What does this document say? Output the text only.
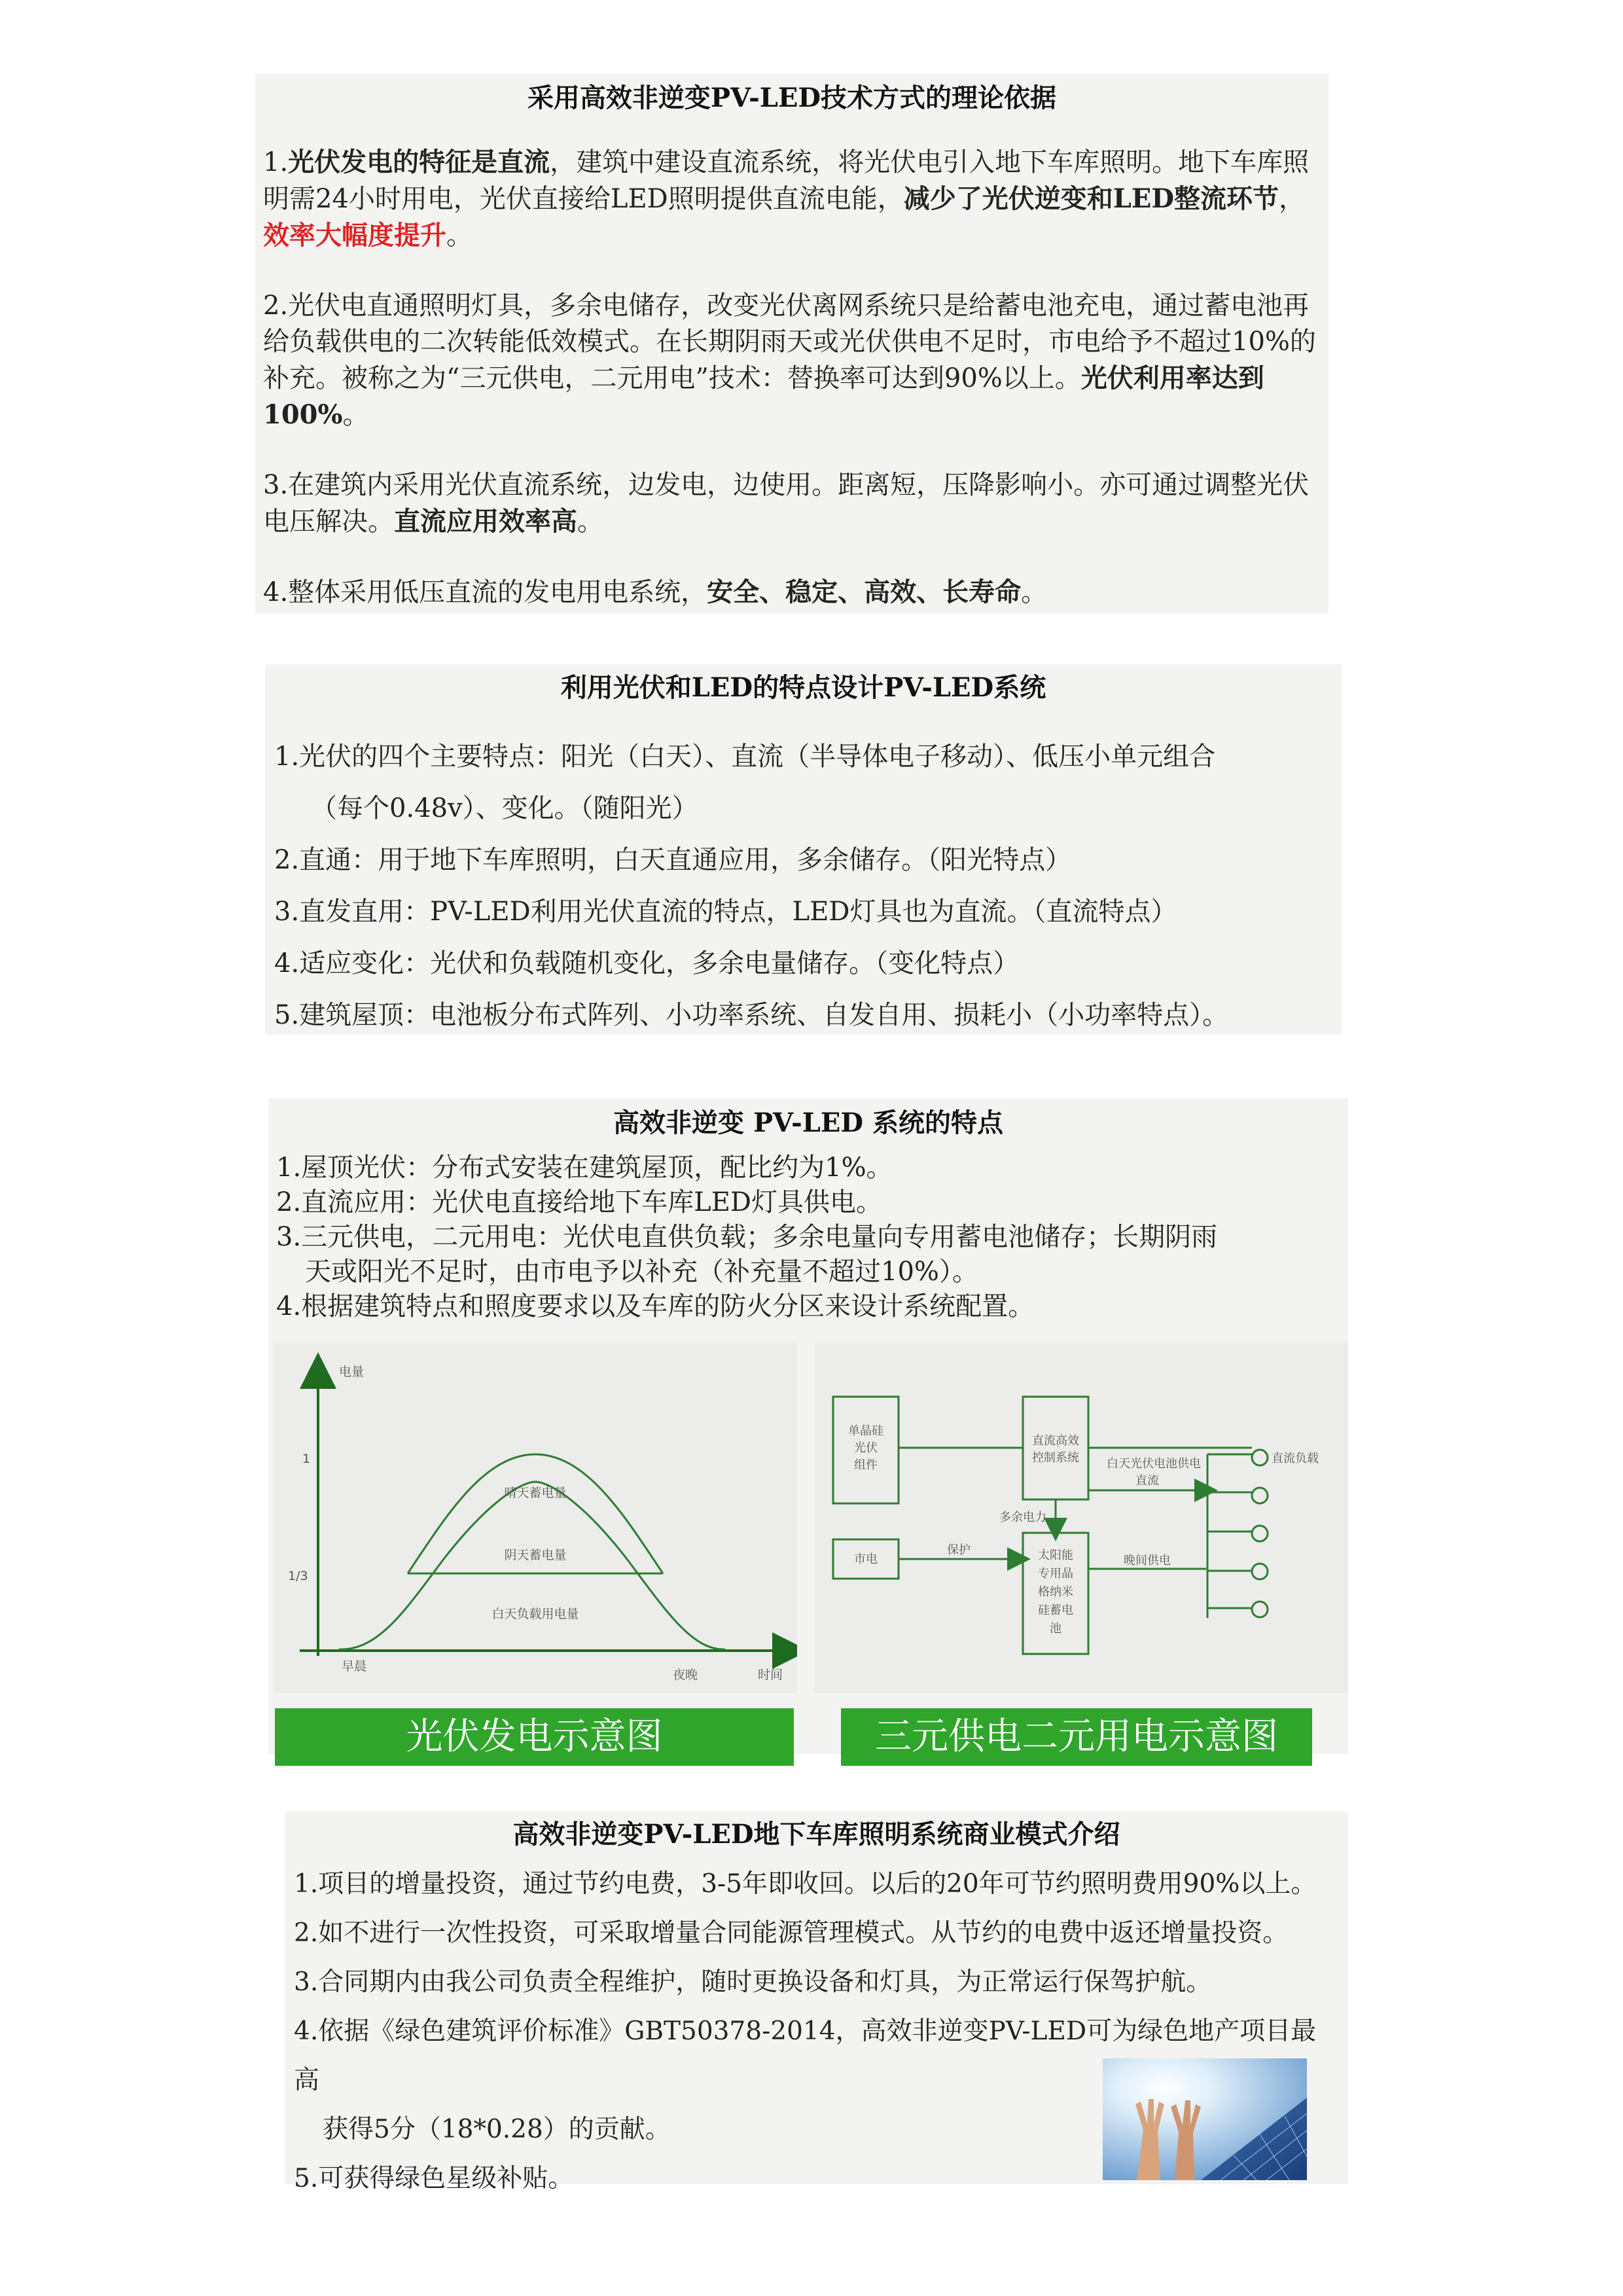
采用高效非逆变PV-LED技术方式的理论依据

1.光伏发电的特征是直流，建筑中建设直流系统，将光伏电引入地下车库照明。地下车库照明需24小时用电，光伏直接给LED照明提供直流电能，减少了光伏逆变和LED整流环节，效率大幅度提升。

2.光伏电直通照明灯具，多余电储存，改变光伏离网系统只是给蓄电池充电，通过蓄电池再给负载供电的二次转能低效模式。在长期阴雨天或光伏供电不足时，市电给予不超过10%的补充。被称之为“三元供电，二元用电”技术：替换率可达到90%以上。光伏利用率达到100%。

3.在建筑内采用光伏直流系统，边发电，边使用。距离短，压降影响小。亦可通过调整光伏电压解决。直流应用效率高。

4.整体采用低压直流的发电用电系统，安全、稳定、高效、长寿命。

利用光伏和LED的特点设计PV-LED系统
1.光伏的四个主要特点：阳光（白天）、直流（半导体电子移动）、低压小单元组合
（每个0.48v）、变化。（随阳光）
2.直通：用于地下车库照明，白天直通应用，多余储存。（阳光特点）
3.直发直用：PV-LED利用光伏直流的特点，LED灯具也为直流。（直流特点）
4.适应变化：光伏和负载随机变化，多余电量储存。（变化特点）
5.建筑屋顶：电池板分布式阵列、小功率系统、自发自用、损耗小（小功率特点）。
高效非逆变 PV-LED 系统的特点
1.屋顶光伏：分布式安装在建筑屋顶，配比约为1%。
2.直流应用：光伏电直接给地下车库LED灯具供电。
3.三元供电，二元用电：光伏电直供负载；多余电量向专用蓄电池储存；长期阴雨
天或阳光不足时，由市电予以补充（补充量不超过10%）。
4.根据建筑特点和照度要求以及车库的防火分区来设计系统配置。
电量
1
1/3
早晨
夜晚	时间
晴天蓄电量
阴天蓄电量
白天负载用电量
单晶硅
光伏
组件
直流高效
控制系统
市电	太阳能
专用晶
格纳米
硅蓄电
池
白天光伏电池供电
直流
多余电力
保护
晚间供电
直流负载
光伏发电示意图	三元供电二元用电示意图
高效非逆变PV-LED地下车库照明系统商业模式介绍
1.项目的增量投资，通过节约电费，3-5年即收回。以后的20年可节约照明费用90%以上。
2.如不进行一次性投资，可采取增量合同能源管理模式。从节约的电费中返还增量投资。
3.合同期内由我公司负责全程维护，随时更换设备和灯具，为正常运行保驾护航。
4.依据《绿色建筑评价标准》GBT50378-2014，高效非逆变PV-LED可为绿色地产项目最高
获得5分（18*0.28）的贡献。
5.可获得绿色星级补贴。
